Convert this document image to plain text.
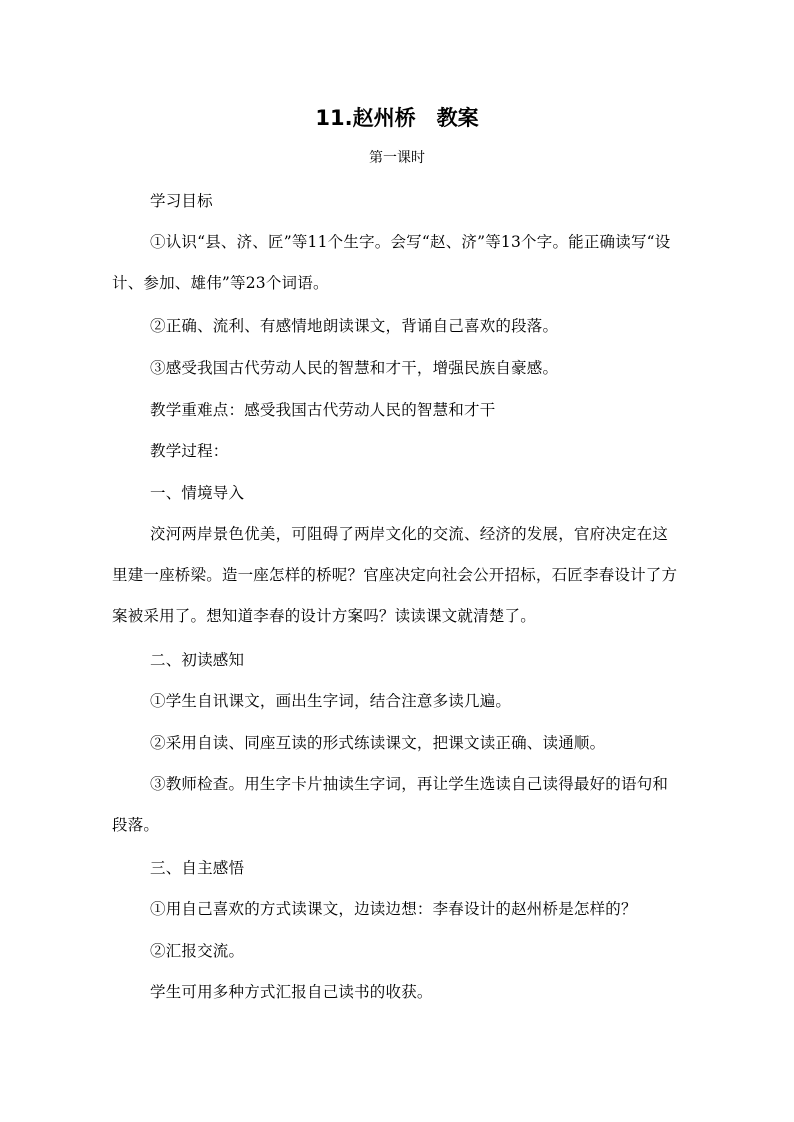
11.赵州桥　教案
第一课时

学习目标

①认识“县、济、匠”等11个生字。会写“赵、济”等13个字。能正确读写“设计、参加、雄伟”等23个词语。

②正确、流利、有感情地朗读课文，背诵自己喜欢的段落。

③感受我国古代劳动人民的智慧和才干，增强民族自豪感。

教学重难点：感受我国古代劳动人民的智慧和才干

教学过程：

一、情境导入

洨河两岸景色优美，可阻碍了两岸文化的交流、经济的发展，官府决定在这里建一座桥梁。造一座怎样的桥呢？官座决定向社会公开招标，石匠李春设计了方案被采用了。想知道李春的设计方案吗？读读课文就清楚了。

二、初读感知

①学生自讯课文，画出生字词，结合注意多读几遍。

②采用自读、同座互读的形式练读课文，把课文读正确、读通顺。

③教师检查。用生字卡片抽读生字词，再让学生选读自己读得最好的语句和段落。

三、自主感悟

①用自己喜欢的方式读课文，边读边想：李春设计的赵州桥是怎样的？

②汇报交流。

学生可用多种方式汇报自己读书的收获。
